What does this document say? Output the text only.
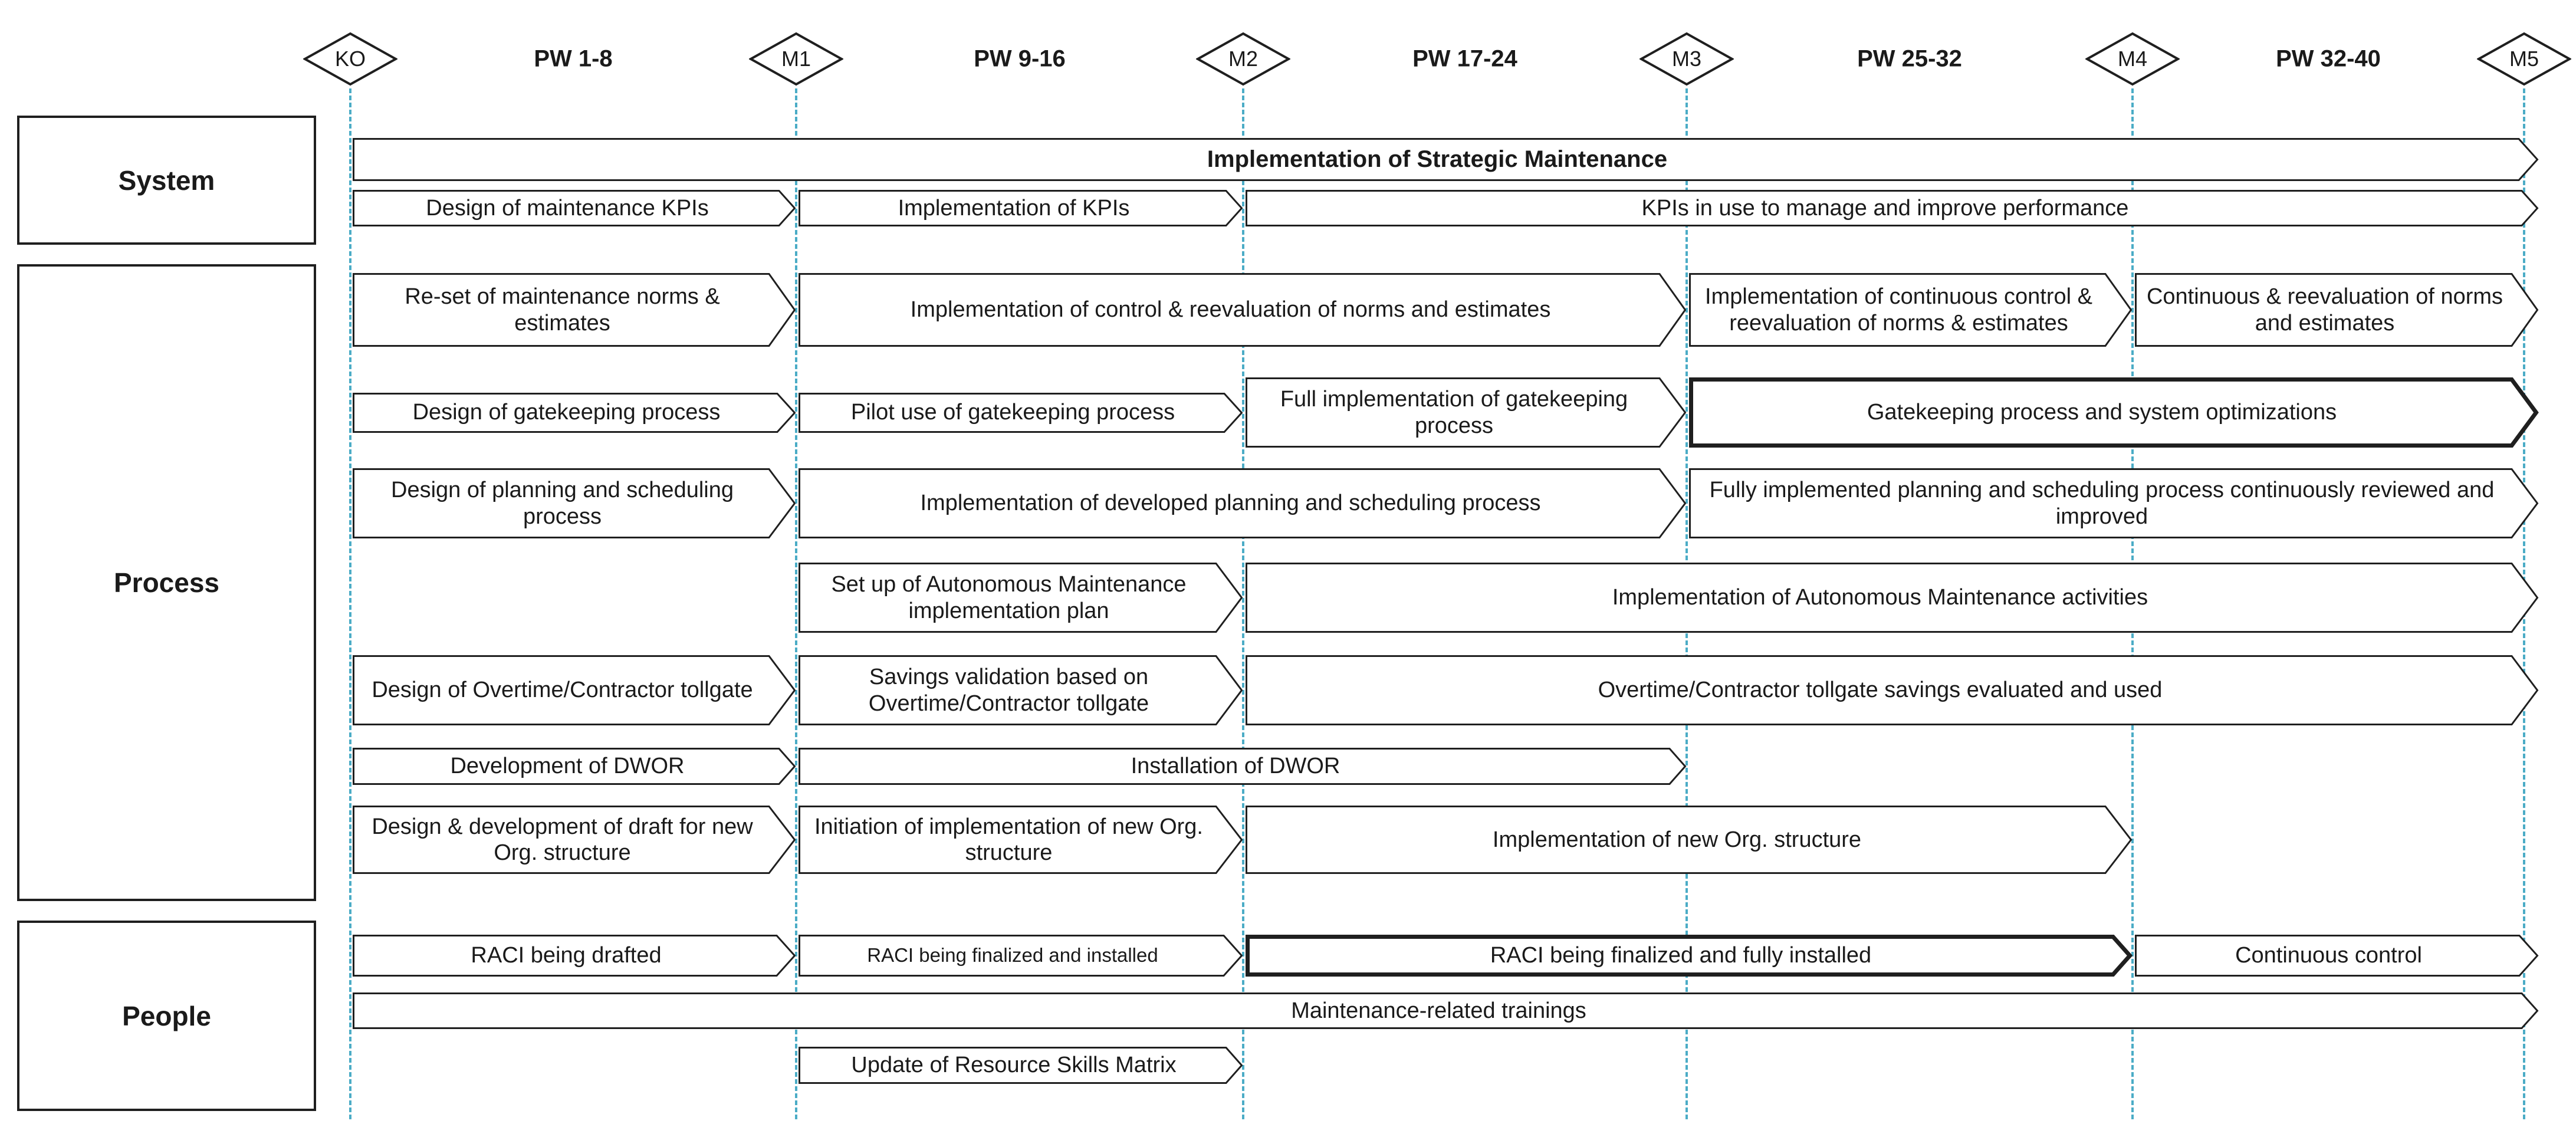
KO	M1	M2	M3	M4	M5
PW 1-8	PW 9-16	PW 17-24	PW 25-32	PW 32-40
System
Process
People
Implementation of Strategic Maintenance
Design of maintenance KPIs	Implementation of KPIs	KPIs in use to manage and improve performance
Re-set of maintenance norms & estimates
Implementation of control & reevaluation of norms and estimates
Implementation of continuous control & reevaluation of norms & estimates
Continuous & reevaluation of norms and estimates
Design of gatekeeping process	Pilot use of gatekeeping process
Full implementation of gatekeeping process
Gatekeeping process and system optimizations
Design of planning and scheduling process
Implementation of developed planning and scheduling process
Fully implemented planning and scheduling process continuously reviewed and improved
Set up of Autonomous Maintenance implementation plan
Implementation of Autonomous Maintenance activities
Design of Overtime/Contractor tollgate
Savings validation based on Overtime/Contractor tollgate
Overtime/Contractor tollgate savings evaluated and used
Development of DWOR	Installation of DWOR
Design & development of draft for new Org. structure
Initiation of implementation of new Org. structure
Implementation of new Org. structure
RACI being drafted	RACI being finalized and installed	RACI being finalized and fully installed	Continuous control
Maintenance-related trainings
Update of Resource Skills Matrix
